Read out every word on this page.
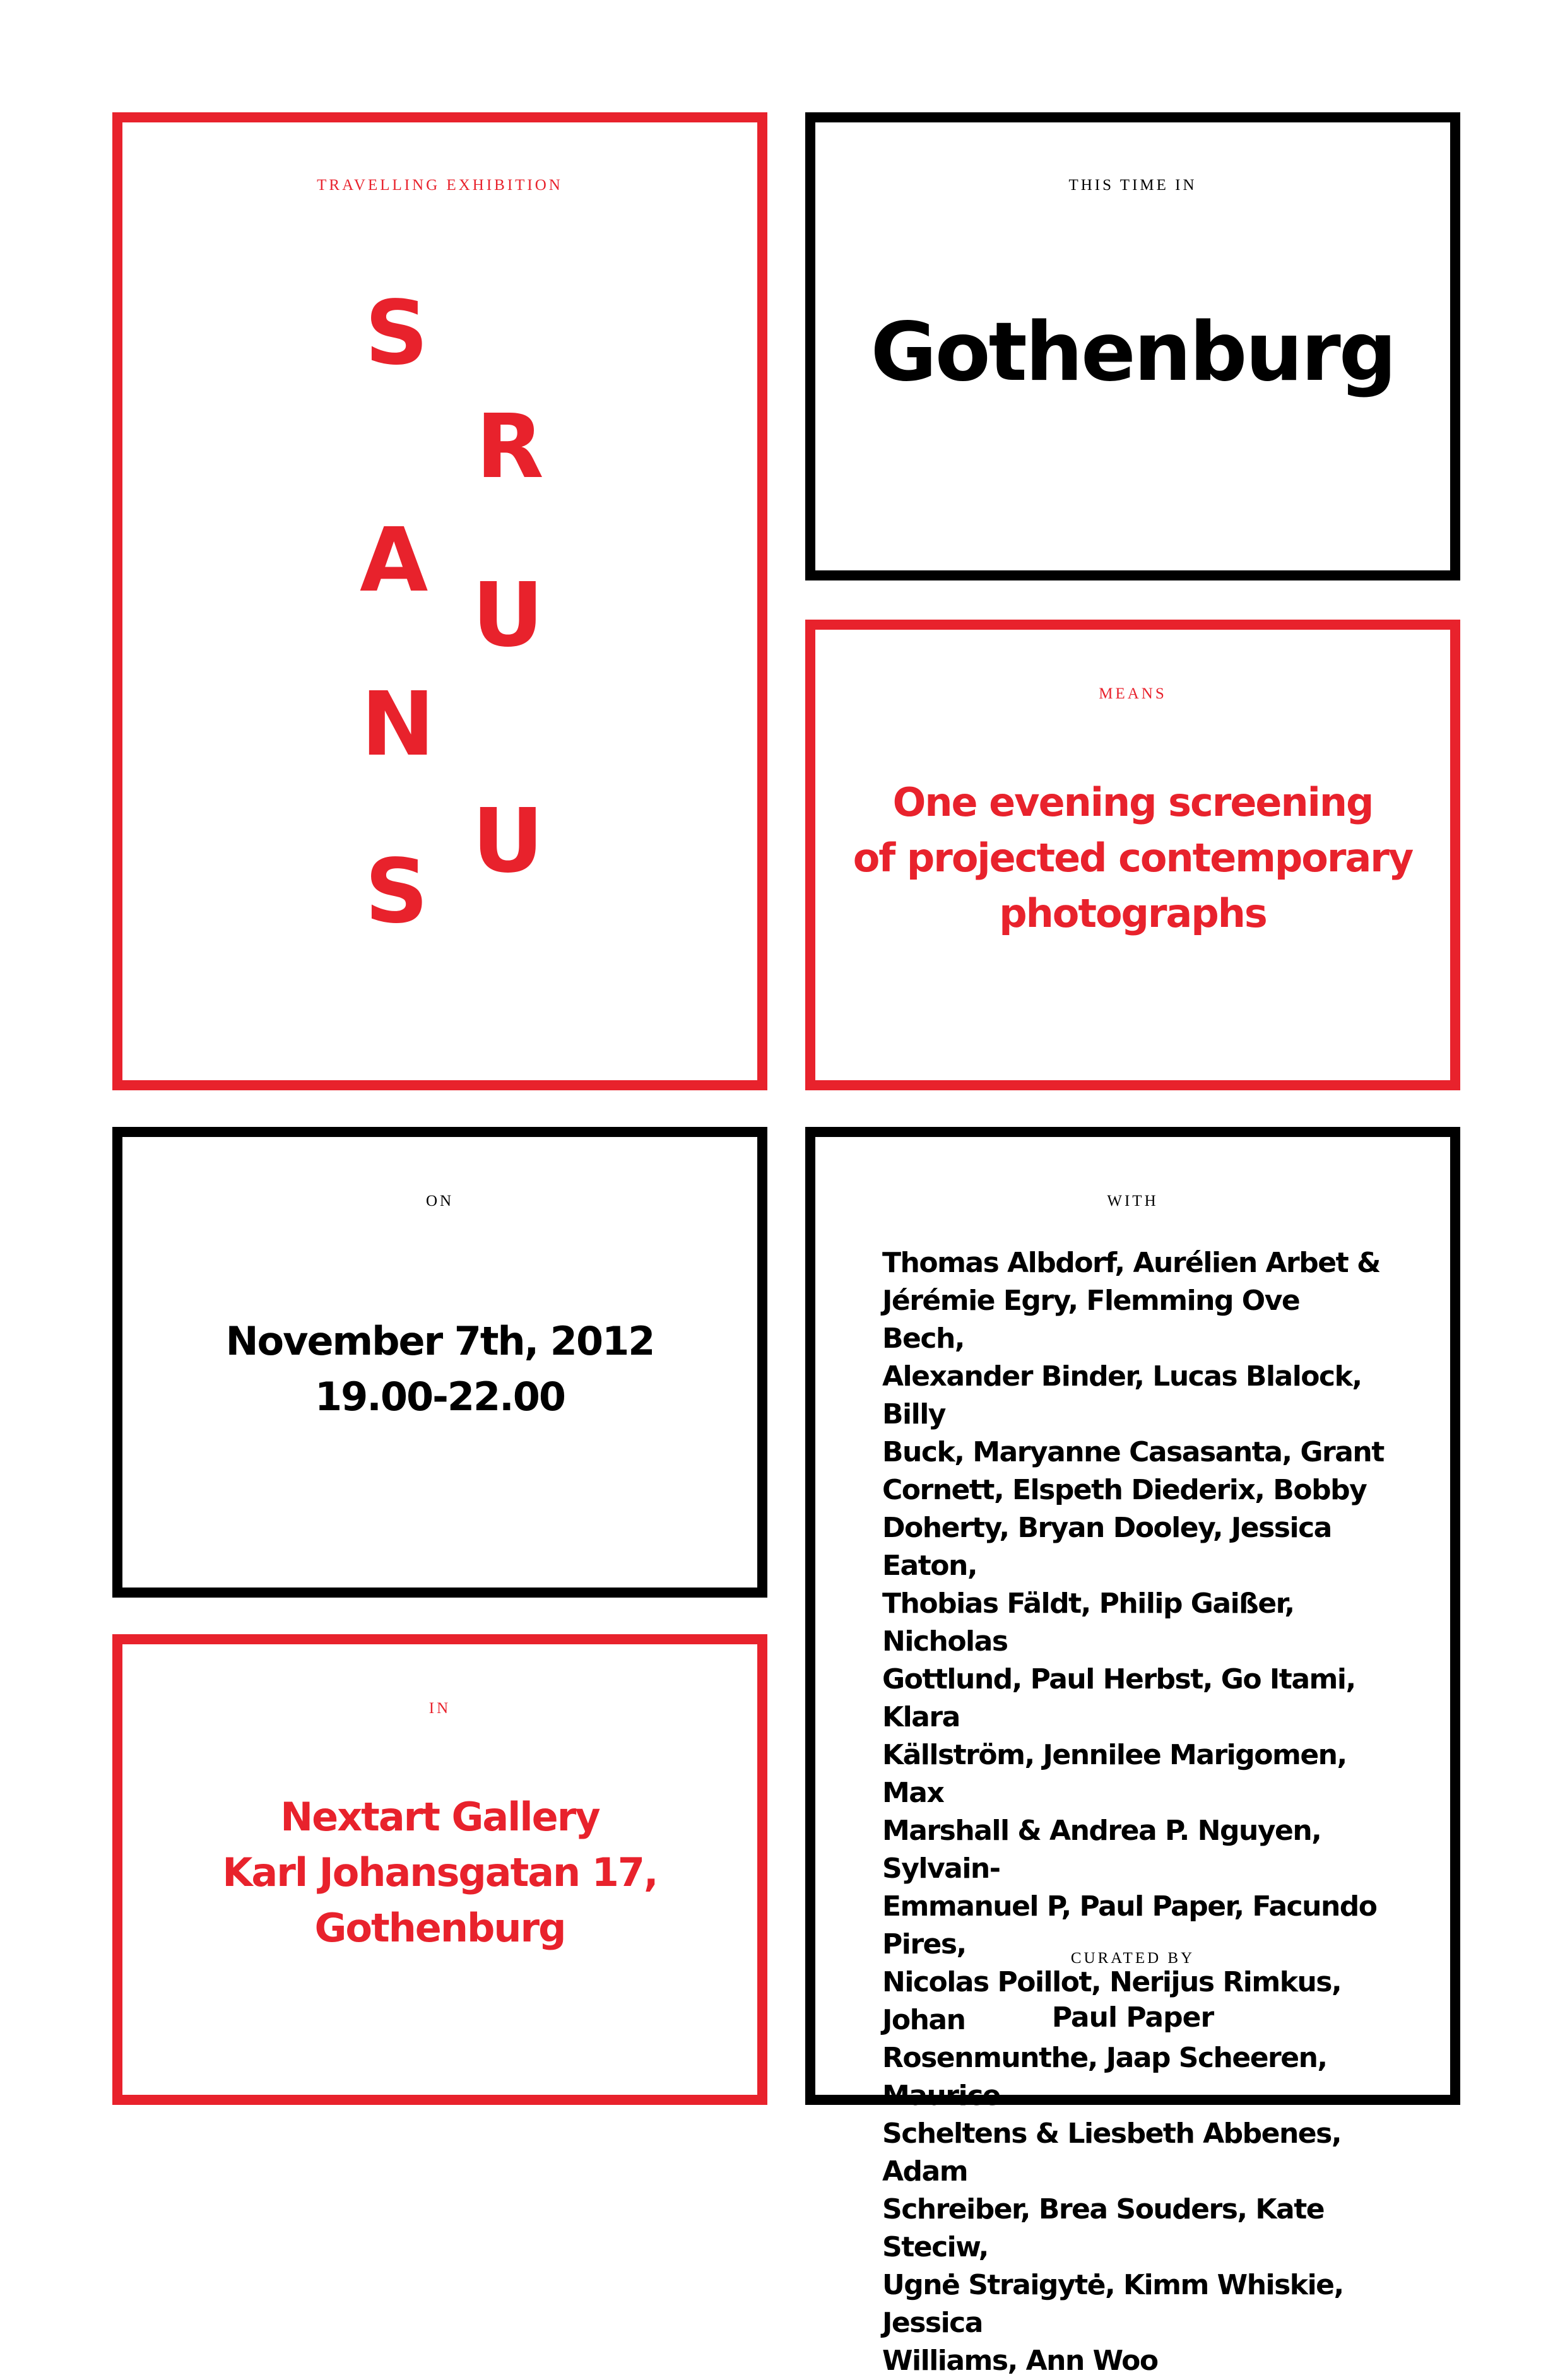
TRAVELLING EXHIBITION
S
R
A
U
N
U
S
THIS TIME IN
Gothenburg
MEANS
One evening screening
of projected contemporary
photographs
ON
November 7th, 2012
19.00-22.00
IN
Nextart Gallery
Karl Johansgatan 17,
Gothenburg
WITH
Thomas Albdorf, Aurélien Arbet &
Jérémie Egry, Flemming Ove Bech,
Alexander Binder, Lucas Blalock, Billy
Buck, Maryanne Casasanta, Grant
Cornett, Elspeth Diederix, Bobby
Doherty, Bryan Dooley, Jessica Eaton,
Thobias Fäldt, Philip Gaißer, Nicholas
Gottlund, Paul Herbst, Go Itami, Klara
Källström, Jennilee Marigomen, Max
Marshall & Andrea P. Nguyen, Sylvain-
Emmanuel P, Paul Paper, Facundo Pires,
Nicolas Poillot, Nerijus Rimkus, Johan
Rosenmunthe, Jaap Scheeren, Maurice
Scheltens & Liesbeth Abbenes, Adam
Schreiber, Brea Souders, Kate Steciw,
Ugnė Straigytė, Kimm Whiskie, Jessica
Williams, Ann Woo
CURATED BY
Paul Paper
